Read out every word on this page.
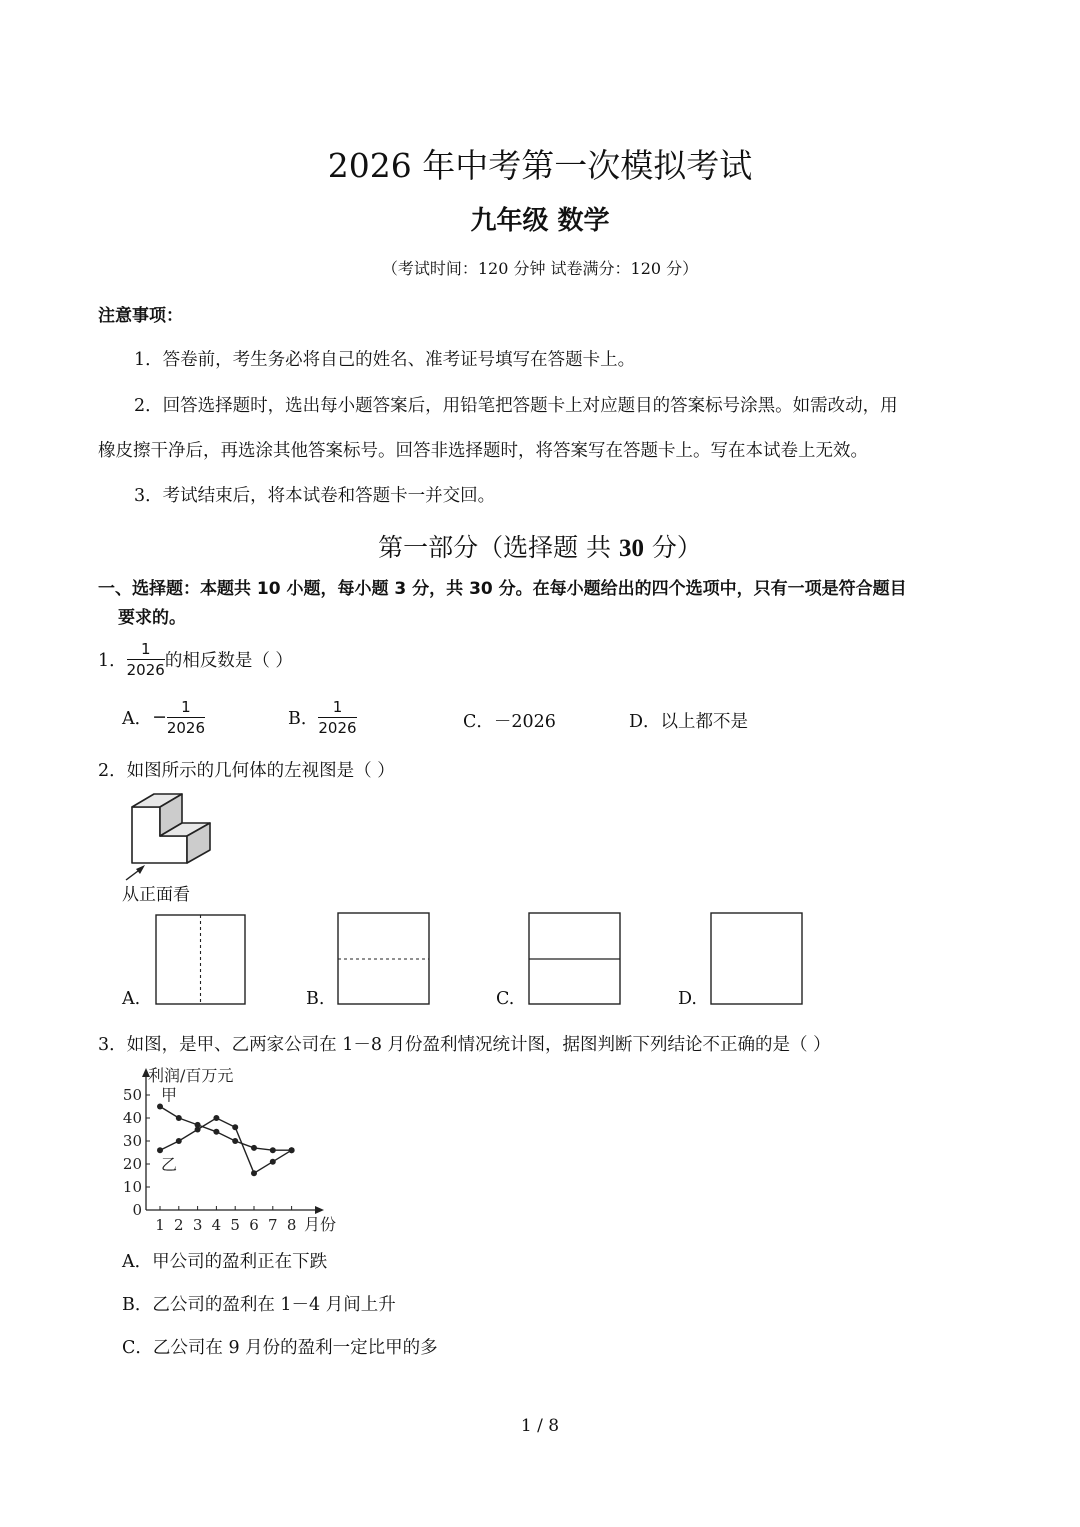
2026 年中考第一次模拟考试
九年级 数学
（考试时间：120 分钟 试卷满分：120 分）
注意事项：
1．答卷前，考生务必将自己的姓名、准考证号填写在答题卡上。
2．回答选择题时，选出每小题答案后，用铅笔把答题卡上对应题目的答案标号涂黑。如需改动，用
橡皮擦干净后，再选涂其他答案标号。回答非选择题时，将答案写在答题卡上。写在本试卷上无效。
3．考试结束后，将本试卷和答题卡一并交回。
第一部分（选择题 共 30 分）
一、选择题：本题共 10 小题，每小题 3 分，共 30 分。在每小题给出的四个选项中，只有一项是符合题目
要求的。
1． $\frac{1}{2026}$ 的相反数是（ ）
A．− $\frac{1}{2026}$	B． $\frac{1}{2026}$	C．－2026	D．以上都不是
2．如图所示的几何体的左视图是（ ）
从正面看
A.	B.	C.	D.
3．如图，是甲、乙两家公司在 1－8 月份盈利情况统计图，据图判断下列结论不正确的是（ ）
利润/百万元
月份
0
10
20
30
40
50
1 2 3 4 5 6 7 8
甲
乙
A．甲公司的盈利正在下跌
B．乙公司的盈利在 1－4 月间上升
C．乙公司在 9 月份的盈利一定比甲的多
1 / 8
